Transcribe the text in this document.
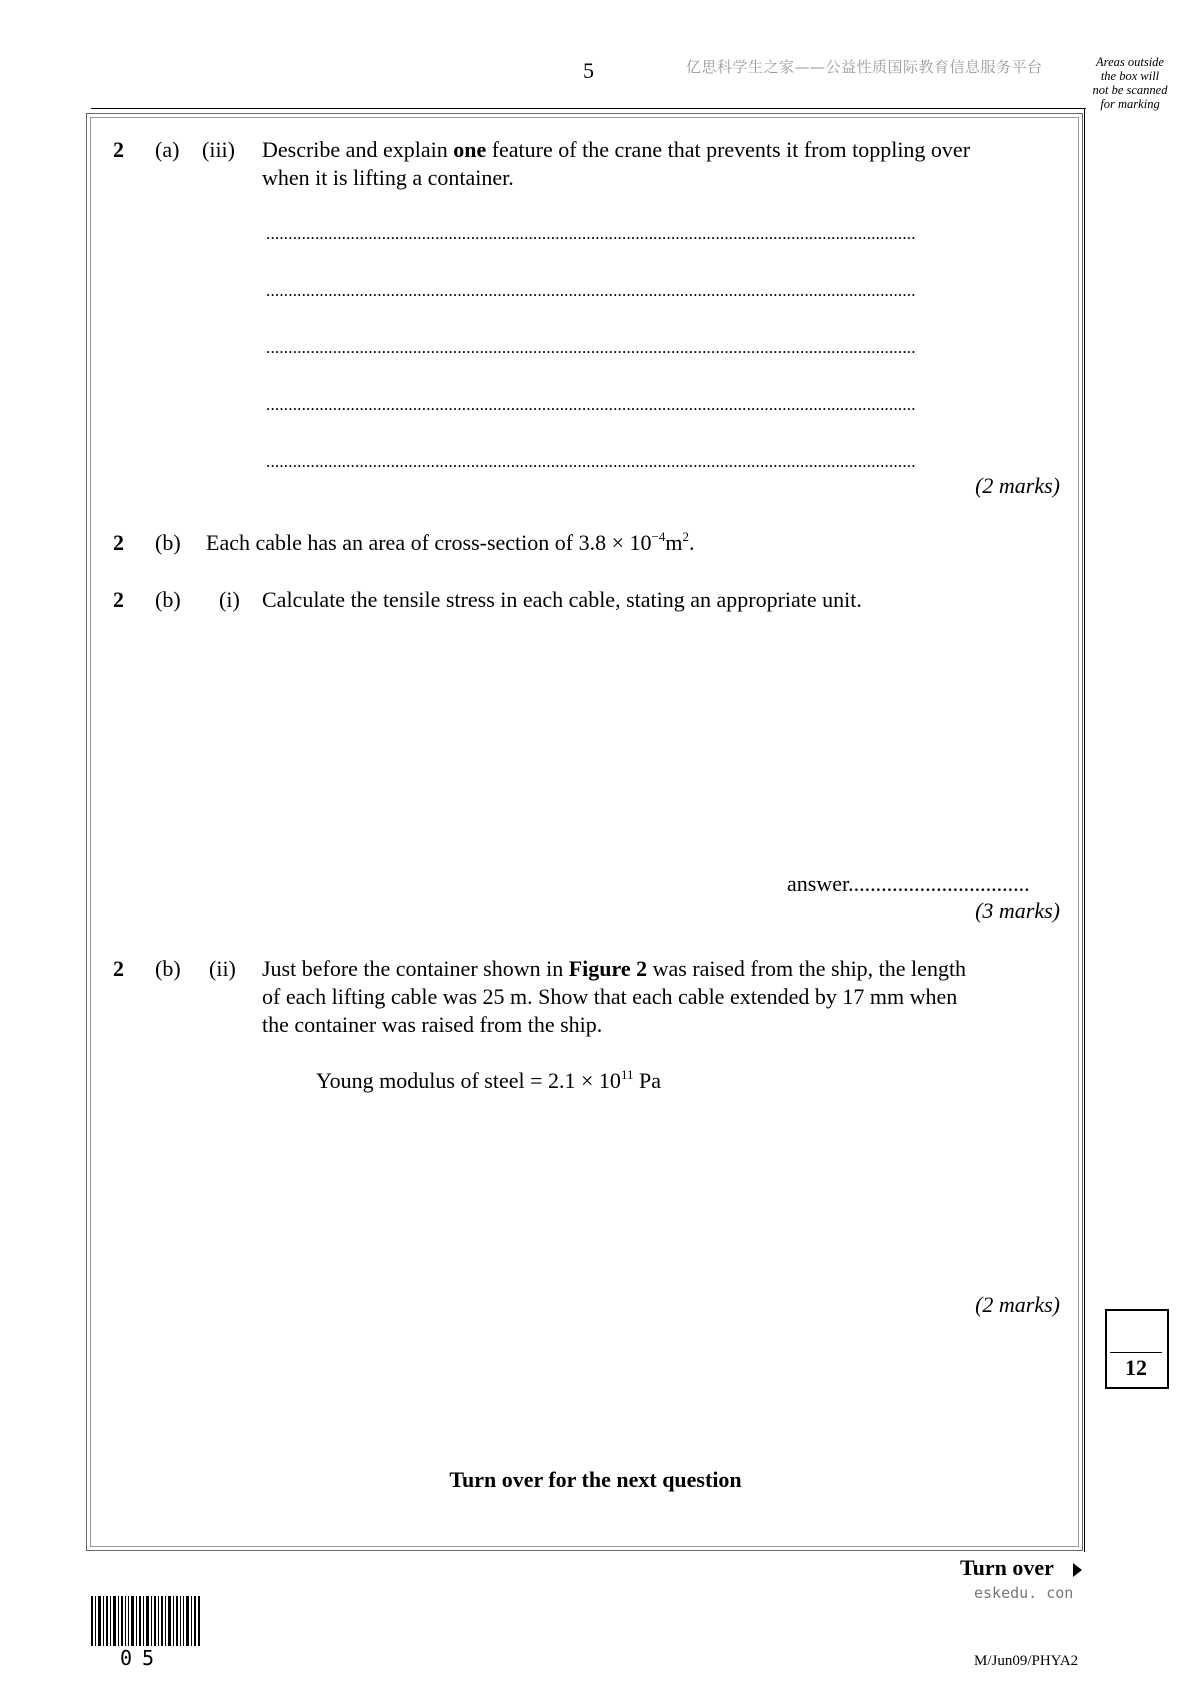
5	亿思科学生之家——公益性质国际教育信息服务平台	Areas outside
the box will
not be scanned
for marking
2 (a) (iii) Describe and explain one feature of the crane that prevents it from toppling over
when it is lifting a container.
..................................................................................................................................................
..................................................................................................................................................
..................................................................................................................................................
..................................................................................................................................................
..................................................................................................................................................
(2 marks)
2 (b) Each cable has an area of cross-section of $3.8 \times 10^{-4}m^2$.
2 (b) (i) Calculate the tensile stress in each cable, stating an appropriate unit.
answer.................................
(3 marks)
2 (b) (ii) Just before the container shown in Figure 2 was raised from the ship, the length
of each lifting cable was 25 m. Show that each cable extended by 17 mm when
the container was raised from the ship.
Young modulus of steel = $2.1 \times 10^{11}$ Pa
(2 marks)
12
Turn over for the next question
Turn over
eskedu. con
05	M/Jun09/PHYA2
